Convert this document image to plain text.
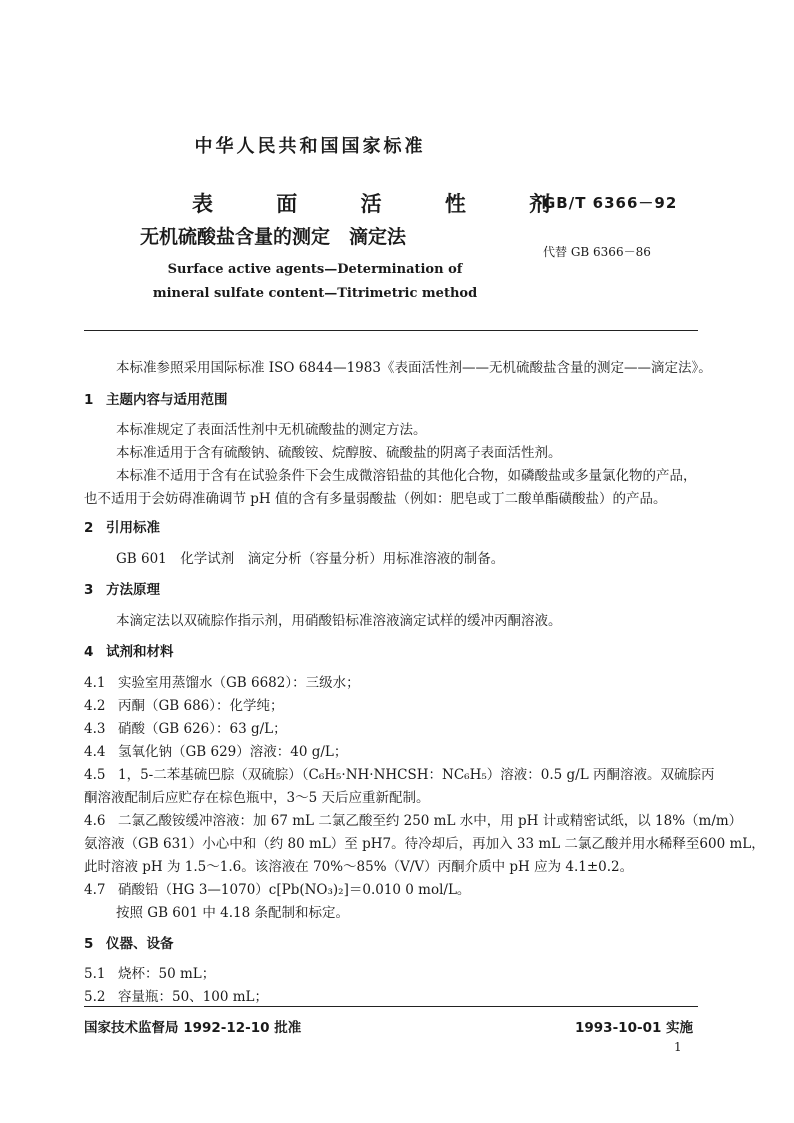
中华人民共和国国家标准
表 面 活 性 剂
无机硫酸盐含量的测定　滴定法
GB/T 6366－92
代替 GB 6366－86
Surface active agents—Determination of
mineral sulfate content—Titrimetric method
本标准参照采用国际标准 ISO 6844—1983《表面活性剂——无机硫酸盐含量的测定——滴定法》。
1 主题内容与适用范围
本标准规定了表面活性剂中无机硫酸盐的测定方法。
本标准适用于含有硫酸钠、硫酸铵、烷醇胺、硫酸盐的阴离子表面活性剂。
本标准不适用于含有在试验条件下会生成微溶铅盐的其他化合物，如磷酸盐或多量氯化物的产品，
也不适用于会妨碍准确调节 pH 值的含有多量弱酸盐（例如：肥皂或丁二酸单酯磺酸盐）的产品。
2 引用标准
GB 601　化学试剂　滴定分析（容量分析）用标准溶液的制备。
3 方法原理
本滴定法以双硫腙作指示剂，用硝酸铅标准溶液滴定试样的缓冲丙酮溶液。
4 试剂和材料
4.1 实验室用蒸馏水（GB 6682）：三级水；
4.2 丙酮（GB 686）：化学纯；
4.3 硝酸（GB 626）：63 g/L；
4.4 氢氧化钠（GB 629）溶液：40 g/L；
4.5 1，5-二苯基硫巴腙（双硫腙）（C₆H₅·NH·NHCSH：NC₆H₅）溶液：0.5 g/L 丙酮溶液。双硫腙丙
酮溶液配制后应贮存在棕色瓶中，3～5 天后应重新配制。
4.6 二氯乙酸铵缓冲溶液：加 67 mL 二氯乙酸至约 250 mL 水中，用 pH 计或精密试纸，以 18%（m/m）
氨溶液（GB 631）小心中和（约 80 mL）至 pH7。待冷却后，再加入 33 mL 二氯乙酸并用水稀释至600 mL，
此时溶液 pH 为 1.5～1.6。该溶液在 70%～85%（V/V）丙酮介质中 pH 应为 4.1±0.2。
4.7 硝酸铅（HG 3—1070）c[Pb(NO₃)₂]＝0.010 0 mol/L。
按照 GB 601 中 4.18 条配制和标定。
5 仪器、设备
5.1 烧杯：50 mL；
5.2 容量瓶：50、100 mL；
国家技术监督局 1992-12-10 批准	1993-10-01 实施
1
